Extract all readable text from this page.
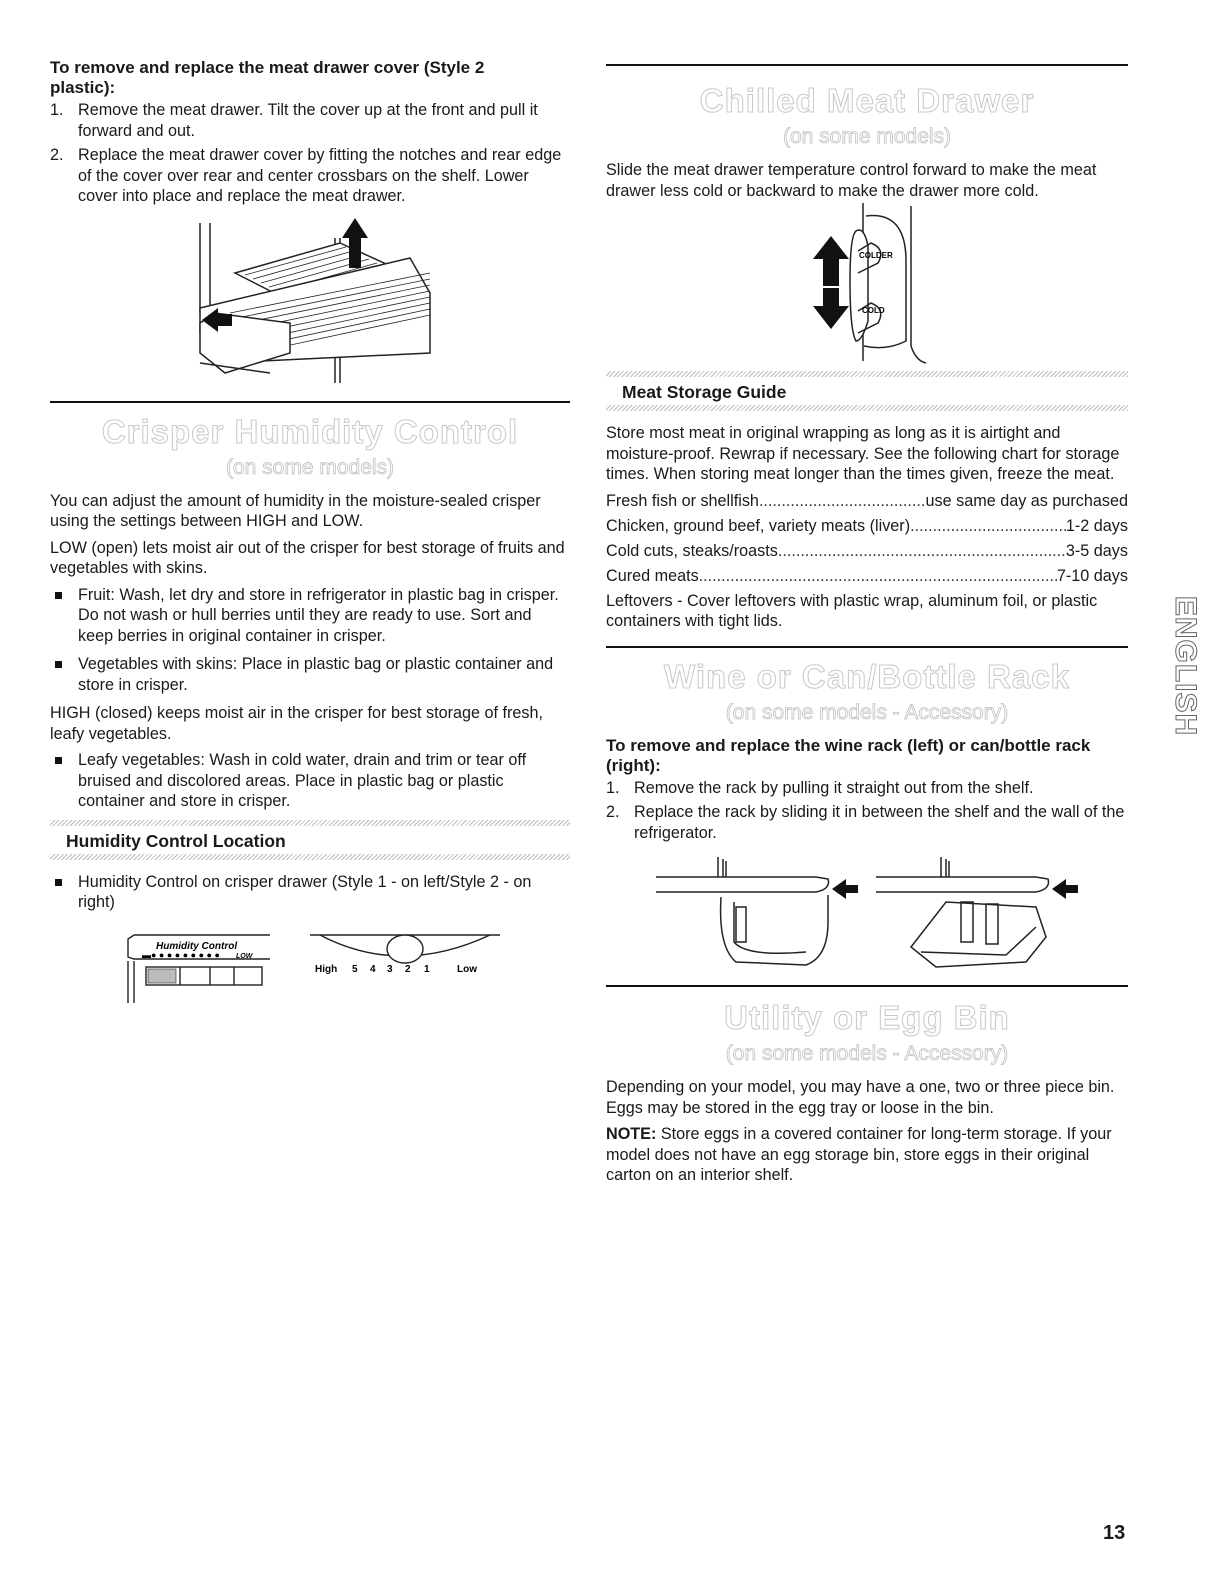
To remove and replace the meat drawer cover (Style 2 plastic):

1. Remove the meat drawer. Tilt the cover up at the front and pull it forward and out.
2. Replace the meat drawer cover by fitting the notches and rear edge of the cover over rear and center crossbars on the shelf. Lower cover into place and replace the meat drawer.
Crisper Humidity Control
(on some models)

You can adjust the amount of humidity in the moisture-sealed crisper using the settings between HIGH and LOW.

LOW (open) lets moist air out of the crisper for best storage of fruits and vegetables with skins.

Fruit: Wash, let dry and store in refrigerator in plastic bag in crisper. Do not wash or hull berries until they are ready to use. Sort and keep berries in original container in crisper.
Vegetables with skins: Place in plastic bag or plastic container and store in crisper.

HIGH (closed) keeps moist air in the crisper for best storage of fresh, leafy vegetables.

Leafy vegetables: Wash in cold water, drain and trim or tear off bruised and discolored areas. Place in plastic bag or plastic container and store in crisper.
Humidity Control Location
Humidity Control on crisper drawer (Style 1 - on left/Style 2 - on right)
Humidity Control
▬● ● ● ● ● ● ● ● ● LOW
High 5 4 3 2 1	Low
Chilled Meat Drawer
(on some models)

Slide the meat drawer temperature control forward to make the meat drawer less cold or backward to make the drawer more cold.

COLDER
COLD
Meat Storage Guide

Store most meat in original wrapping as long as it is airtight and moisture-proof. Rewrap if necessary. See the following chart for storage times. When storing meat longer than the times given, freeze the meat.

Fresh fish or shellfish .....	use same day as purchased
Chicken, ground beef, variety meats (liver) .....	1-2 days
Cold cuts, steaks/roasts .....	3-5 days
Cured meats .....	7-10 days

Leftovers - Cover leftovers with plastic wrap, aluminum foil, or plastic containers with tight lids.

Wine or Can/Bottle Rack
(on some models - Accessory)

To remove and replace the wine rack (left) or can/bottle rack (right):

1. Remove the rack by pulling it straight out from the shelf.
2. Replace the rack by sliding it in between the shelf and the wall of the refrigerator.
Utility or Egg Bin
(on some models - Accessory)

Depending on your model, you may have a one, two or three piece bin. Eggs may be stored in the egg tray or loose in the bin.

NOTE: Store eggs in a covered container for long-term storage. If your model does not have an egg storage bin, store eggs in their original carton on an interior shelf.

ENGLISH
13
